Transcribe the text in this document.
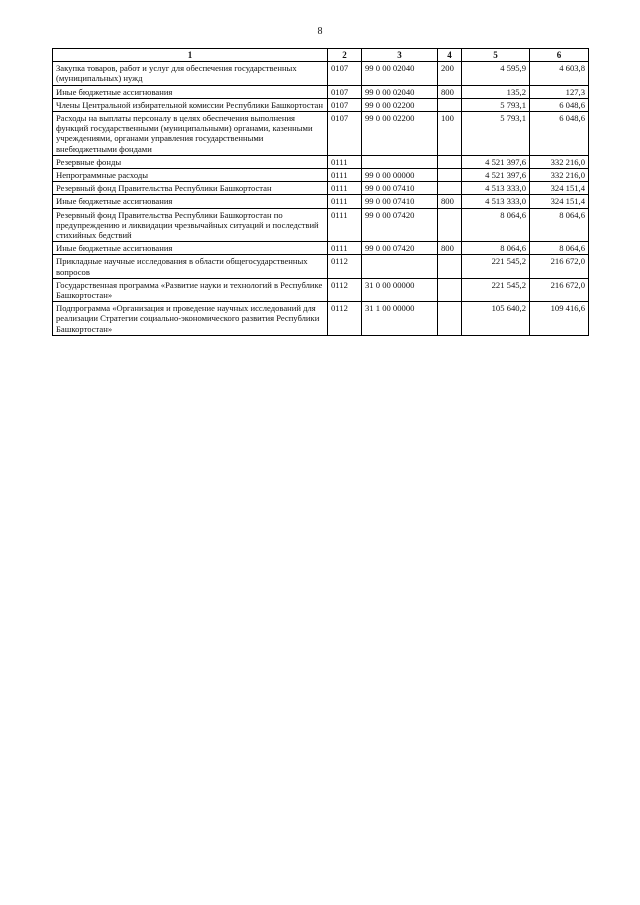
8
1	2	3	4	5	6
Закупка товаров, работ и услуг для обеспечения государственных (муниципальных) нужд	0107	99 0 00 02040	200	4 595,9	4 603,8
Иные бюджетные ассигнования	0107	99 0 00 02040	800	135,2	127,3
Члены Центральной избирательной комиссии Республики Башкортостан	0107	99 0 00 02200		5 793,1	6 048,6
Расходы на выплаты персоналу в целях обеспечения выполнения функций государственными (муниципальными) органами, казенными учреждениями, органами управления государственными внебюджетными фондами	0107	99 0 00 02200	100	5 793,1	6 048,6
Резервные фонды	0111			4 521 397,6	332 216,0
Непрограммные расходы	0111	99 0 00 00000		4 521 397,6	332 216,0
Резервный фонд Правительства Республики Башкортостан	0111	99 0 00 07410		4 513 333,0	324 151,4
Иные бюджетные ассигнования	0111	99 0 00 07410	800	4 513 333,0	324 151,4
Резервный фонд Правительства Республики Башкортостан по предупреждению и ликвидации чрезвычайных ситуаций и последствий стихийных бедствий	0111	99 0 00 07420		8 064,6	8 064,6
Иные бюджетные ассигнования	0111	99 0 00 07420	800	8 064,6	8 064,6
Прикладные научные исследования в области общегосударственных вопросов	0112			221 545,2	216 672,0
Государственная программа «Развитие науки и технологий в Республике Башкортостан»	0112	31 0 00 00000		221 545,2	216 672,0
Подпрограмма «Организация и проведение научных исследований для реализации Стратегии социально-экономического развития Республики Башкортостан»	0112	31 1 00 00000		105 640,2	109 416,6
